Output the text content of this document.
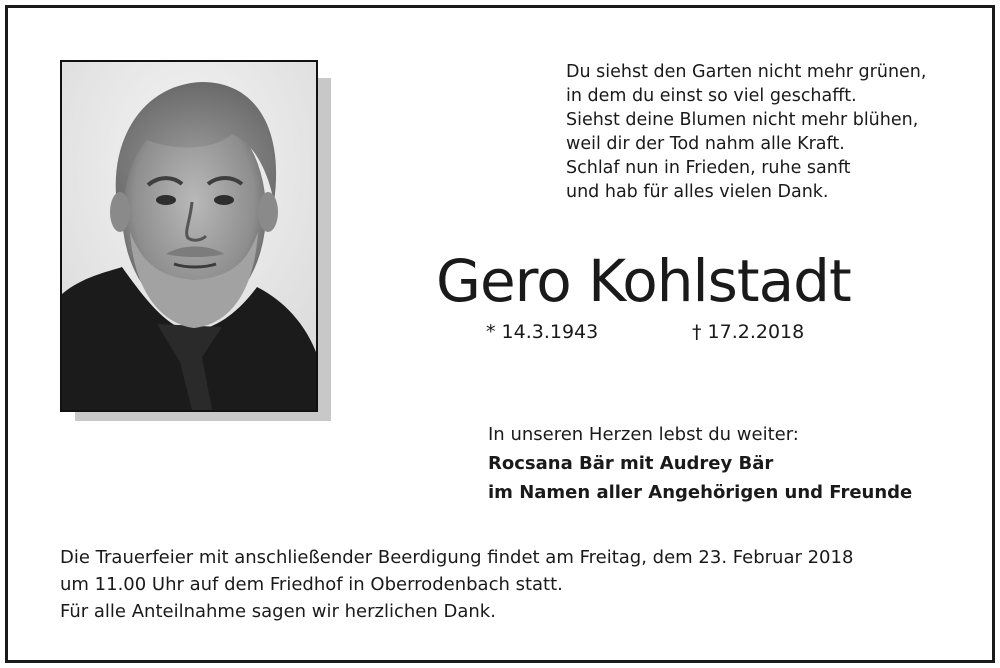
Du siehst den Garten nicht mehr grünen,
in dem du einst so viel geschafft.
Siehst deine Blumen nicht mehr blühen,
weil dir der Tod nahm alle Kraft.
Schlaf nun in Frieden, ruhe sanft
und hab für alles vielen Dank.
Gero Kohlstadt
* 14.3.1943	† 17.2.2018
In unseren Herzen lebst du weiter:
Rocsana Bär mit Audrey Bär
im Namen aller Angehörigen und Freunde
Die Trauerfeier mit anschließender Beerdigung findet am Freitag, dem 23. Februar 2018
um 11.00 Uhr auf dem Friedhof in Oberrodenbach statt.
Für alle Anteilnahme sagen wir herzlichen Dank.
